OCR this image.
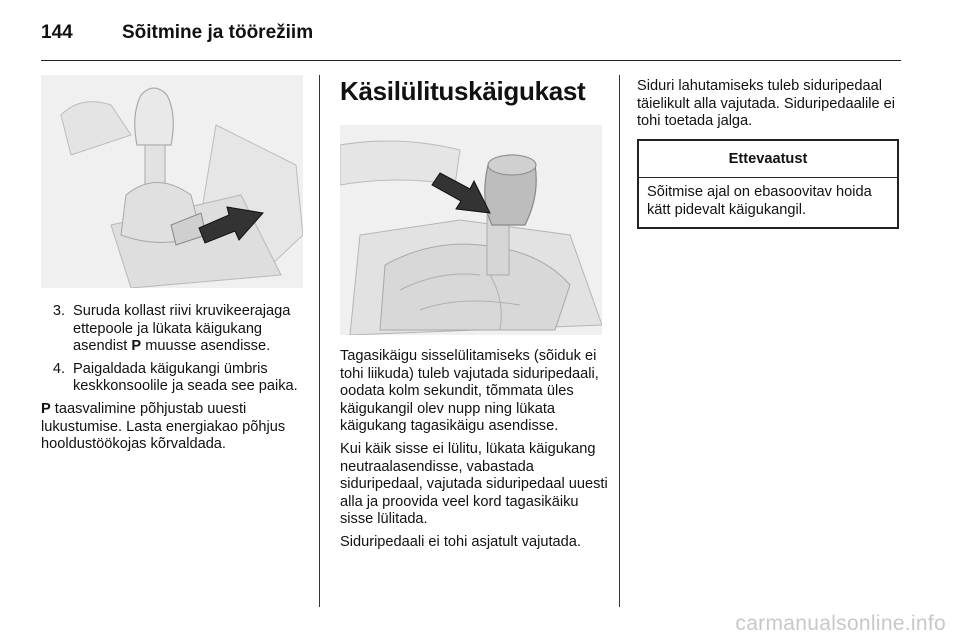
144	Sõitmine ja töörežiim
3. Suruda kollast riivi kruvikeerajaga ettepoole ja lükata käigukang asendist P muusse asendisse.
4. Paigaldada käigukangi ümbris keskkonsoolile ja seada see paika.

P taasvalimine põhjustab uuesti lukustumise. Lasta energiakao põhjus hooldustöökojas kõrvaldada.

Käsilülituskäigukast

Tagasikäigu sisselülitamiseks (sõiduk ei tohi liikuda) tuleb vajutada siduripedaali, oodata kolm sekundit, tõmmata üles käigukangil olev nupp ning lükata käigukang tagasikäigu asendisse.

Kui käik sisse ei lülitu, lükata käigukang neutraalasendisse, vabastada siduripedaal, vajutada siduripedaal uuesti alla ja proovida veel kord tagasikäiku sisse lülitada.

Siduripedaali ei tohi asjatult vajutada.

Siduri lahutamiseks tuleb siduripedaal täielikult alla vajutada. Siduripedaalile ei tohi toetada jalga.

Ettevaatust
Sõitmise ajal on ebasoovitav hoida kätt pidevalt käigukangil.
carmanualsonline.info
